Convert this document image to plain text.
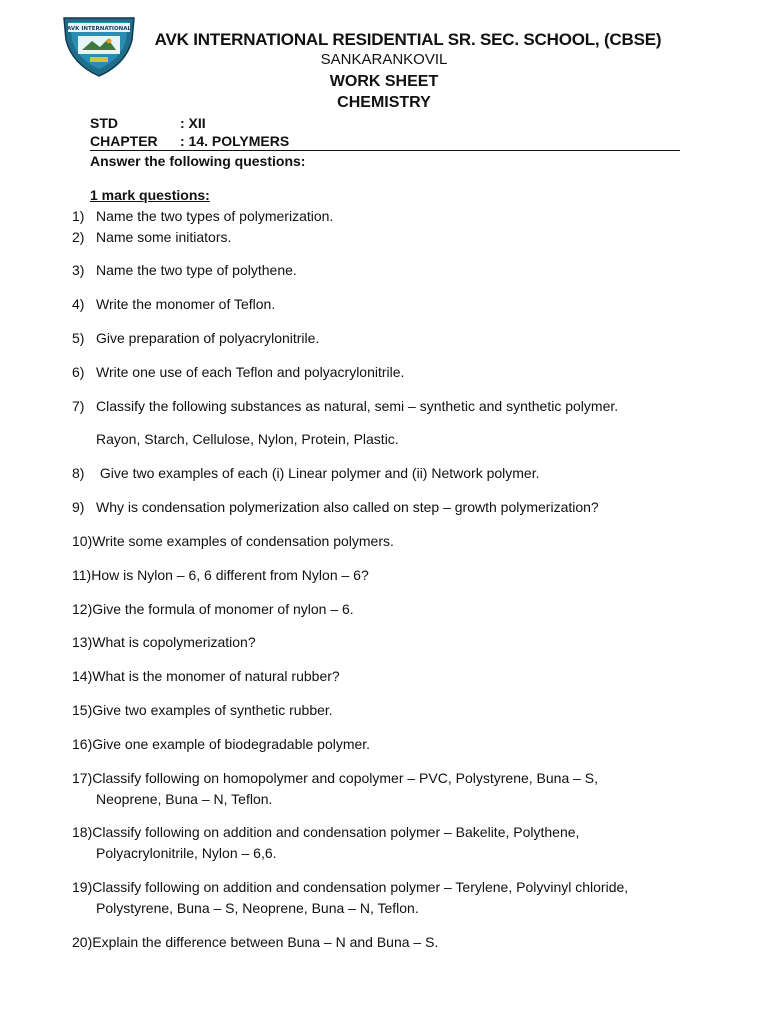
AVK INTERNATIONAL
AVK INTERNATIONAL RESIDENTIAL SR. SEC. SCHOOL, (CBSE)
SANKARANKOVIL
WORK SHEET
CHEMISTRY
STD	: XII
CHAPTER : 14. POLYMERS
Answer the following questions:
1 mark questions:
1) Name the two types of polymerization.
2) Name some initiators.
3) Name the two type of polythene.
4) Write the monomer of Teflon.
5) Give preparation of polyacrylonitrile.
6) Write one use of each Teflon and polyacrylonitrile.
7) Classify the following substances as natural, semi – synthetic and synthetic polymer.
Rayon, Starch, Cellulose, Nylon, Protein, Plastic.
8) Give two examples of each (i) Linear polymer and (ii) Network polymer.
9) Why is condensation polymerization also called on step – growth polymerization?
10) Write some examples of condensation polymers.
11) How is Nylon – 6, 6 different from Nylon – 6?
12) Give the formula of monomer of nylon – 6.
13) What is copolymerization?
14) What is the monomer of natural rubber?
15) Give two examples of synthetic rubber.
16) Give one example of biodegradable polymer.
17) Classify following on homopolymer and copolymer – PVC, Polystyrene, Buna – S,
Neoprene, Buna – N, Teflon.
18) Classify following on addition and condensation polymer – Bakelite, Polythene,
Polyacrylonitrile, Nylon – 6,6.
19) Classify following on addition and condensation polymer – Terylene, Polyvinyl chloride,
Polystyrene, Buna – S, Neoprene, Buna – N, Teflon.
20) Explain the difference between Buna – N and Buna – S.
